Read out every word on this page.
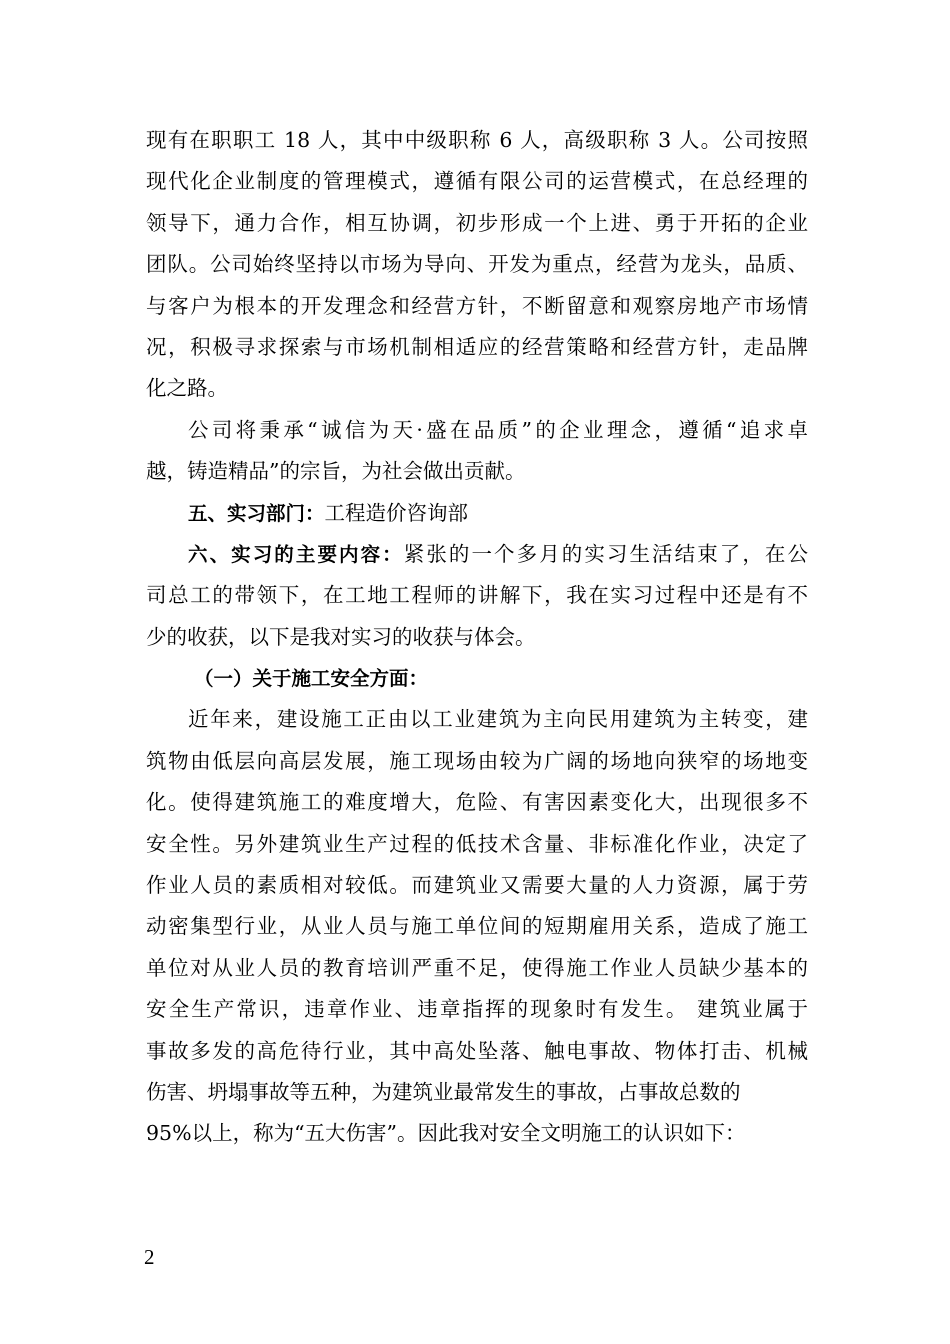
现有在职职工 18 人，其中中级职称 6 人，高级职称 3 人。公司按照
现代化企业制度的管理模式，遵循有限公司的运营模式，在总经理的
领导下，通力合作，相互协调，初步形成一个上进、勇于开拓的企业
团队。公司始终坚持以市场为导向、开发为重点，经营为龙头，品质、
与客户为根本的开发理念和经营方针，不断留意和观察房地产市场情
况，积极寻求探索与市场机制相适应的经营策略和经营方针，走品牌
化之路。
公司将秉承“诚信为天·盛在品质”的企业理念，遵循“追求卓
越，铸造精品”的宗旨，为社会做出贡献。
五、实习部门：工程造价咨询部
六、实习的主要内容：紧张的一个多月的实习生活结束了，在公
司总工的带领下，在工地工程师的讲解下，我在实习过程中还是有不
少的收获，以下是我对实习的收获与体会。
（一）关于施工安全方面：
近年来，建设施工正由以工业建筑为主向民用建筑为主转变，建
筑物由低层向高层发展，施工现场由较为广阔的场地向狭窄的场地变
化。使得建筑施工的难度增大，危险、有害因素变化大，出现很多不
安全性。另外建筑业生产过程的低技术含量、非标准化作业，决定了
作业人员的素质相对较低。而建筑业又需要大量的人力资源，属于劳
动密集型行业，从业人员与施工单位间的短期雇用关系，造成了施工
单位对从业人员的教育培训严重不足，使得施工作业人员缺少基本的
安全生产常识，违章作业、违章指挥的现象时有发生。 建筑业属于
事故多发的高危待行业，其中高处坠落、触电事故、物体打击、机械
伤害、坍塌事故等五种，为建筑业最常发生的事故，占事故总数的
95%以上，称为“五大伤害”。因此我对安全文明施工的认识如下：
2
